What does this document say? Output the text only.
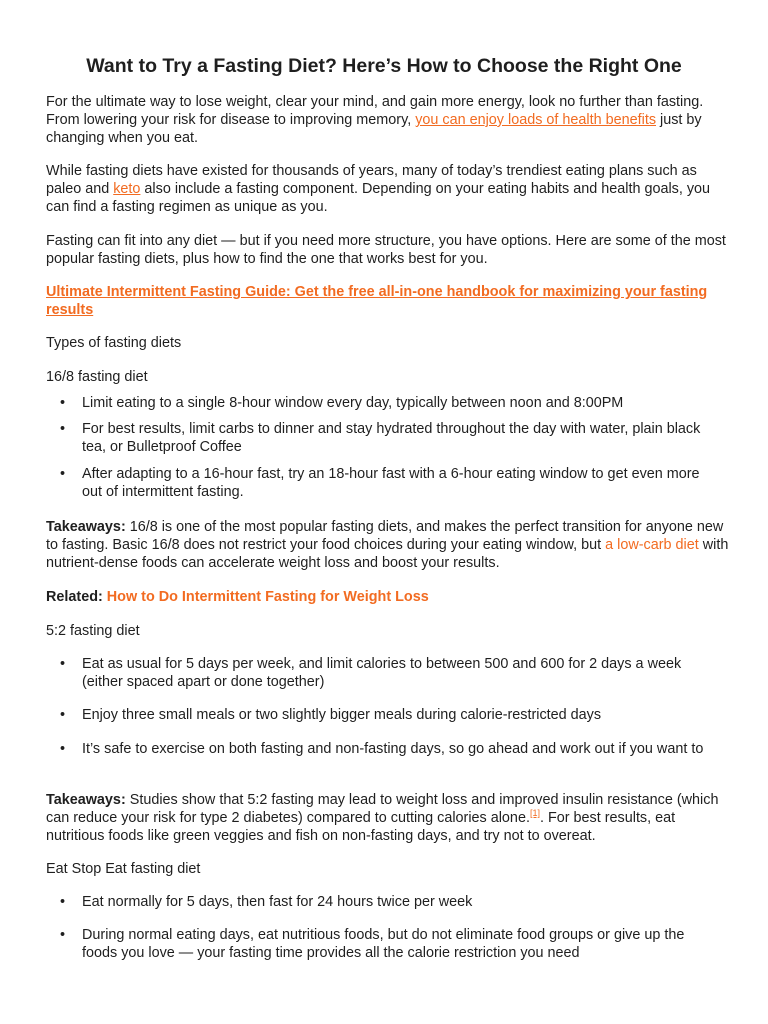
Want to Try a Fasting Diet? Here’s How to Choose the Right One

For the ultimate way to lose weight, clear your mind, and gain more energy, look no further than fasting. From lowering your risk for disease to improving memory, you can enjoy loads of health benefits just by changing when you eat.

While fasting diets have existed for thousands of years, many of today’s trendiest eating plans such as paleo and keto also include a fasting component. Depending on your eating habits and health goals, you can find a fasting regimen as unique as you.

Fasting can fit into any diet — but if you need more structure, you have options. Here are some of the most popular fasting diets, plus how to find the one that works best for you.

Ultimate Intermittent Fasting Guide: Get the free all-in-one handbook for maximizing your fasting results

Types of fasting diets

16/8 fasting diet

•	Limit eating to a single 8-hour window every day, typically between noon and 8:00PM
•	For best results, limit carbs to dinner and stay hydrated throughout the day with water, plain black tea, or Bulletproof Coffee
•	After adapting to a 16-hour fast, try an 18-hour fast with a 6-hour eating window to get even more out of intermittent fasting.

Takeaways: 16/8 is one of the most popular fasting diets, and makes the perfect transition for anyone new to fasting. Basic 16/8 does not restrict your food choices during your eating window, but a low-carb diet with nutrient-dense foods can accelerate weight loss and boost your results.

Related: How to Do Intermittent Fasting for Weight Loss

5:2 fasting diet

•	Eat as usual for 5 days per week, and limit calories to between 500 and 600 for 2 days a week (either spaced apart or done together)
•	Enjoy three small meals or two slightly bigger meals during calorie-restricted days
•	It’s safe to exercise on both fasting and non-fasting days, so go ahead and work out if you want to

Takeaways: Studies show that 5:2 fasting may lead to weight loss and improved insulin resistance (which can reduce your risk for type 2 diabetes) compared to cutting calories alone.[1]. For best results, eat nutritious foods like green veggies and fish on non-fasting days, and try not to overeat.

Eat Stop Eat fasting diet

•	Eat normally for 5 days, then fast for 24 hours twice per week
•	During normal eating days, eat nutritious foods, but do not eliminate food groups or give up the foods you love — your fasting time provides all the calorie restriction you need
